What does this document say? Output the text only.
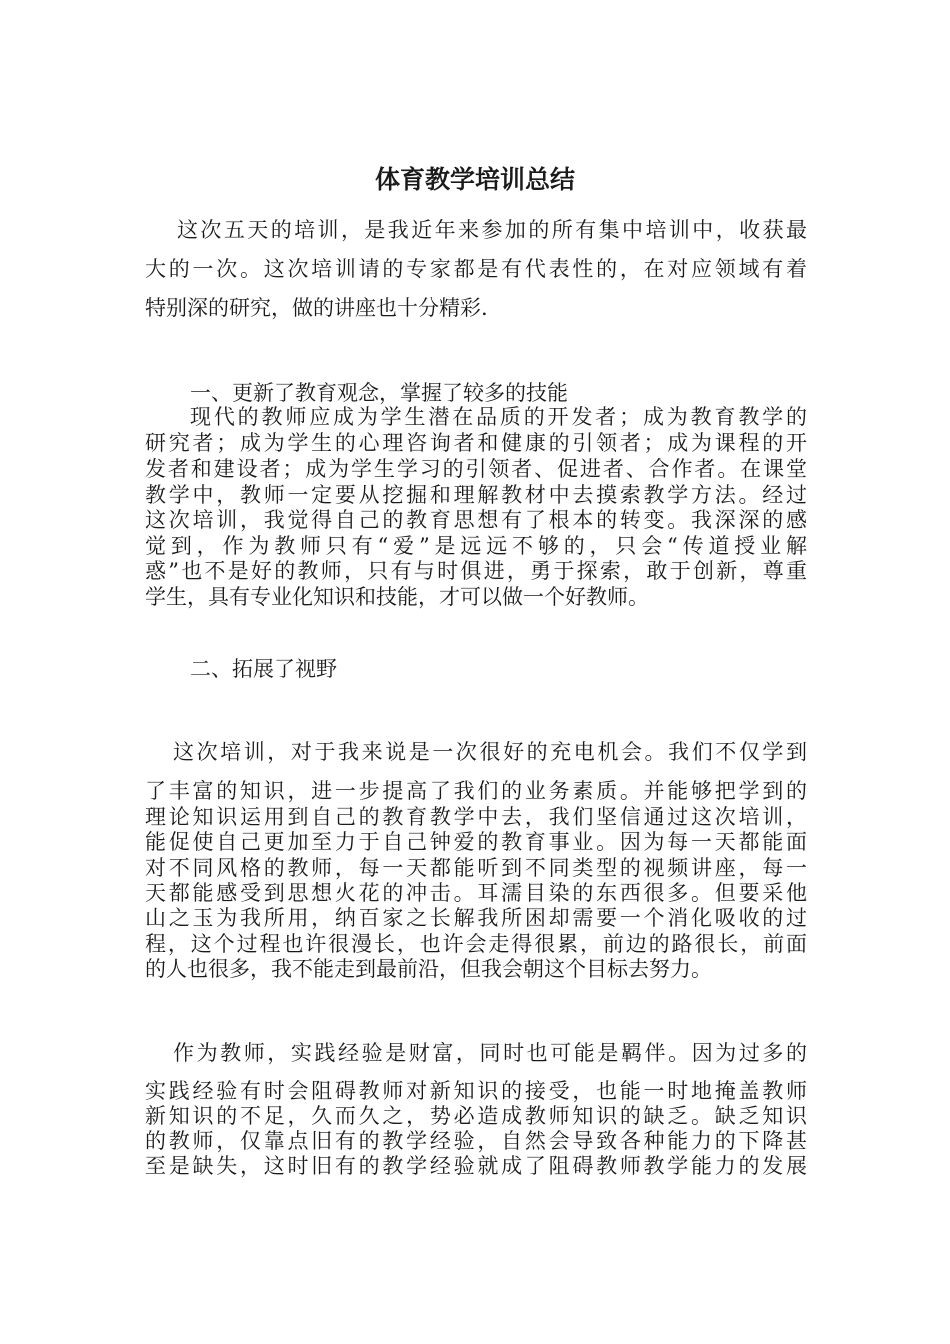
体育教学培训总结

这次五天的培训，是我近年来参加的所有集中培训中，收获最

大的一次。这次培训请的专家都是有代表性的，在对应领域有着

特别深的研究，做的讲座也十分精彩.

一、更新了教育观念，掌握了较多的技能

现代的教师应成为学生潜在品质的开发者；成为教育教学的

研究者；成为学生的心理咨询者和健康的引领者；成为课程的开

发者和建设者；成为学生学习的引领者、促进者、合作者。在课堂

教学中，教师一定要从挖掘和理解教材中去摸索教学方法。经过

这次培训，我觉得自己的教育思想有了根本的转变。我深深的感

觉到，作为教师只有“爱”是远远不够的，只会“传道授业解

惑”也不是好的教师，只有与时俱进，勇于探索，敢于创新，尊重

学生，具有专业化知识和技能，才可以做一个好教师。

二、拓展了视野

这次培训，对于我来说是一次很好的充电机会。我们不仅学到

了丰富的知识，进一步提高了我们的业务素质。并能够把学到的

理论知识运用到自己的教育教学中去，我们坚信通过这次培训，

能促使自己更加至力于自己钟爱的教育事业。因为每一天都能面

对不同风格的教师，每一天都能听到不同类型的视频讲座，每一

天都能感受到思想火花的冲击。耳濡目染的东西很多。但要采他

山之玉为我所用，纳百家之长解我所困却需要一个消化吸收的过

程，这个过程也许很漫长，也许会走得很累，前边的路很长，前面

的人也很多，我不能走到最前沿，但我会朝这个目标去努力。

作为教师，实践经验是财富，同时也可能是羁伴。因为过多的

实践经验有时会阻碍教师对新知识的接受，也能一时地掩盖教师

新知识的不足，久而久之，势必造成教师知识的缺乏。缺乏知识

的教师，仅靠点旧有的教学经验，自然会导致各种能力的下降甚

至是缺失，这时旧有的教学经验就成了阻碍教师教学能力的发展
